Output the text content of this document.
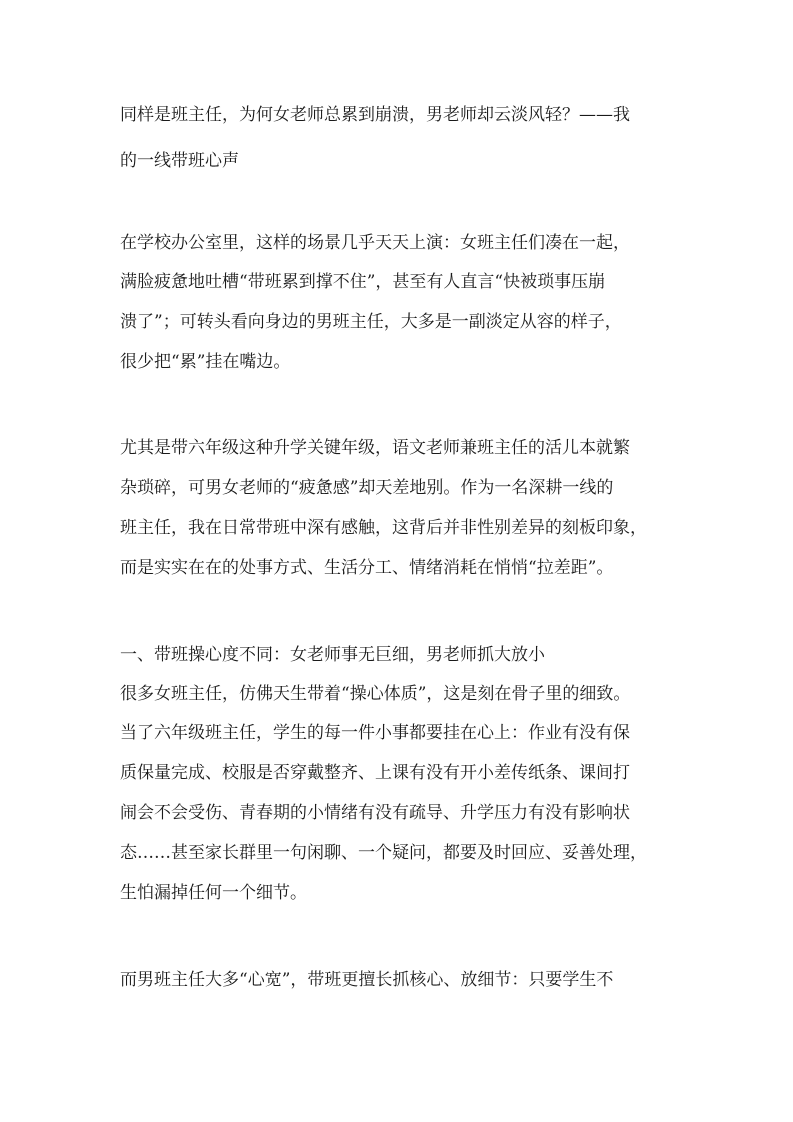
同样是班主任，为何女老师总累到崩溃，男老师却云淡风轻？——我
的一线带班心声
在学校办公室里，这样的场景几乎天天上演：女班主任们凑在一起，
满脸疲惫地吐槽“带班累到撑不住”，甚至有人直言“快被琐事压崩
溃了”；可转头看向身边的男班主任，大多是一副淡定从容的样子，
很少把“累”挂在嘴边。
尤其是带六年级这种升学关键年级，语文老师兼班主任的活儿本就繁
杂琐碎，可男女老师的“疲惫感”却天差地别。作为一名深耕一线的
班主任，我在日常带班中深有感触，这背后并非性别差异的刻板印象，
而是实实在在的处事方式、生活分工、情绪消耗在悄悄“拉差距”。
一、带班操心度不同：女老师事无巨细，男老师抓大放小
很多女班主任，仿佛天生带着“操心体质”，这是刻在骨子里的细致。
当了六年级班主任，学生的每一件小事都要挂在心上：作业有没有保
质保量完成、校服是否穿戴整齐、上课有没有开小差传纸条、课间打
闹会不会受伤、青春期的小情绪有没有疏导、升学压力有没有影响状
态……甚至家长群里一句闲聊、一个疑问，都要及时回应、妥善处理，
生怕漏掉任何一个细节。
而男班主任大多“心宽”，带班更擅长抓核心、放细节：只要学生不
